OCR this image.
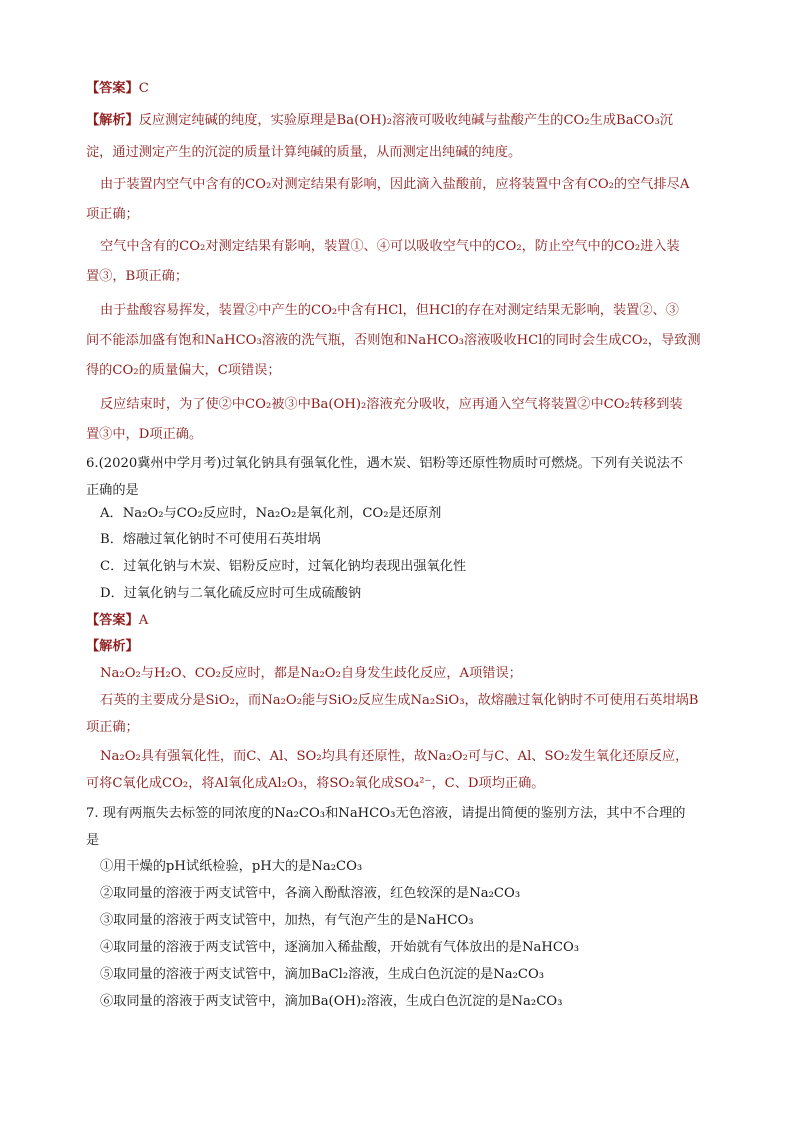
【答案】C
【解析】反应测定纯碱的纯度，实验原理是Ba(OH)₂溶液可吸收纯碱与盐酸产生的CO₂生成BaCO₃沉
淀，通过测定产生的沉淀的质量计算纯碱的质量，从而测定出纯碱的纯度。
由于装置内空气中含有的CO₂对测定结果有影响，因此滴入盐酸前，应将装置中含有CO₂的空气排尽A
项正确；
空气中含有的CO₂对测定结果有影响，装置①、④可以吸收空气中的CO₂，防止空气中的CO₂进入装
置③，B项正确；
由于盐酸容易挥发，装置②中产生的CO₂中含有HCl，但HCl的存在对测定结果无影响，装置②、③
间不能添加盛有饱和NaHCO₃溶液的洗气瓶，否则饱和NaHCO₃溶液吸收HCl的同时会生成CO₂，导致测
得的CO₂的质量偏大，C项错误；
反应结束时，为了使②中CO₂被③中Ba(OH)₂溶液充分吸收，应再通入空气将装置②中CO₂转移到装
置③中，D项正确。
6.(2020冀州中学月考)过氧化钠具有强氧化性，遇木炭、铝粉等还原性物质时可燃烧。下列有关说法不
正确的是
A．Na₂O₂与CO₂反应时，Na₂O₂是氧化剂，CO₂是还原剂
B．熔融过氧化钠时不可使用石英坩埚
C．过氧化钠与木炭、铝粉反应时，过氧化钠均表现出强氧化性
D．过氧化钠与二氧化硫反应时可生成硫酸钠
【答案】A
【解析】
Na₂O₂与H₂O、CO₂反应时，都是Na₂O₂自身发生歧化反应，A项错误；
石英的主要成分是SiO₂，而Na₂O₂能与SiO₂反应生成Na₂SiO₃，故熔融过氧化钠时不可使用石英坩埚B
项正确；
Na₂O₂具有强氧化性，而C、Al、SO₂均具有还原性，故Na₂O₂可与C、Al、SO₂发生氧化还原反应，
可将C氧化成CO₂，将Al氧化成Al₂O₃，将SO₂氧化成SO₄²⁻，C、D项均正确。
7. 现有两瓶失去标签的同浓度的Na₂CO₃和NaHCO₃无色溶液，请提出简便的鉴别方法，其中不合理的
是
①用干燥的pH试纸检验，pH大的是Na₂CO₃
②取同量的溶液于两支试管中，各滴入酚酞溶液，红色较深的是Na₂CO₃
③取同量的溶液于两支试管中，加热，有气泡产生的是NaHCO₃
④取同量的溶液于两支试管中，逐滴加入稀盐酸，开始就有气体放出的是NaHCO₃
⑤取同量的溶液于两支试管中，滴加BaCl₂溶液，生成白色沉淀的是Na₂CO₃
⑥取同量的溶液于两支试管中，滴加Ba(OH)₂溶液，生成白色沉淀的是Na₂CO₃
